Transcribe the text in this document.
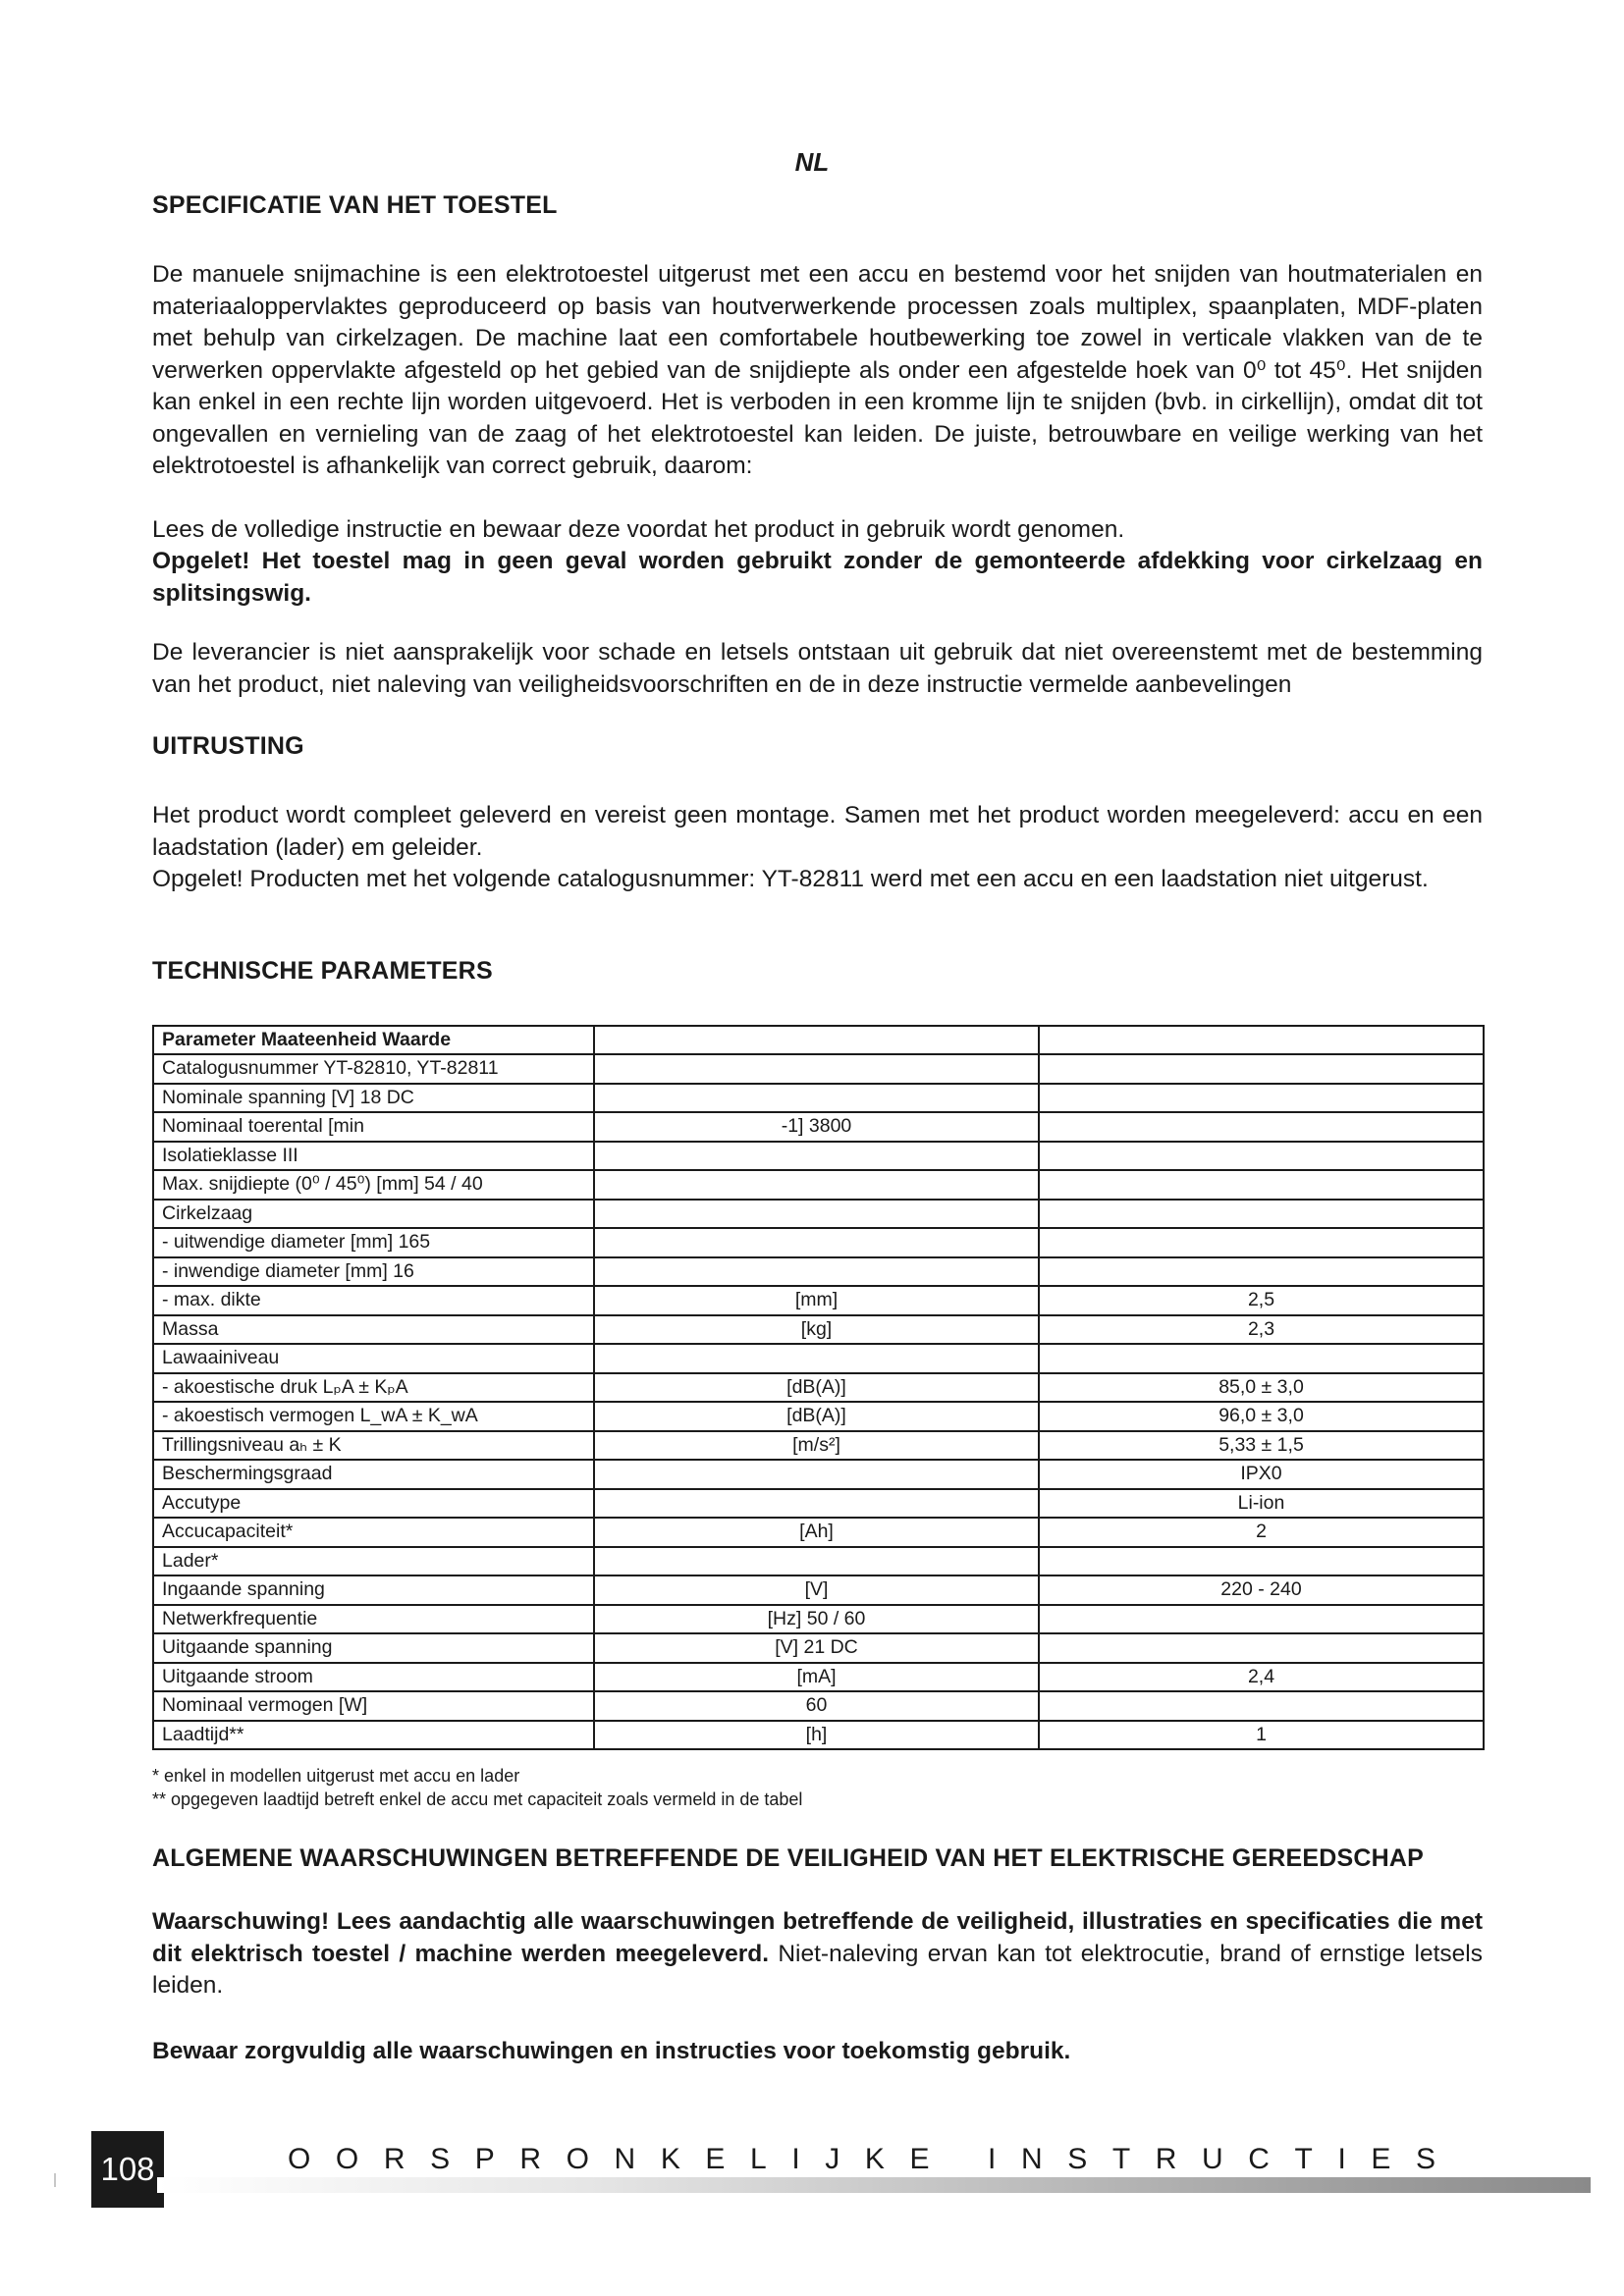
NL
SPECIFICATIE VAN HET TOESTEL

De manuele snijmachine is een elektrotoestel uitgerust met een accu en bestemd voor het snijden van houtmaterialen en materiaaloppervlaktes geproduceerd op basis van houtverwerkende processen zoals multiplex, spaanplaten, MDF-platen met behulp van cirkelzagen. De machine laat een comfortabele houtbewerking toe zowel in verticale vlakken van de te verwerken oppervlakte afgesteld op het gebied van de snijdiepte als onder een afgestelde hoek van 0⁰ tot 45⁰. Het snijden kan enkel in een rechte lijn worden uitgevoerd. Het is verboden in een kromme lijn te snijden (bvb. in cirkellijn), omdat dit tot ongevallen en vernieling van de zaag of het elektrotoestel kan leiden. De juiste, betrouwbare en veilige werking van het elektrotoestel is afhankelijk van correct gebruik, daarom:

Lees de volledige instructie en bewaar deze voordat het product in gebruik wordt genomen.

Opgelet! Het toestel mag in geen geval worden gebruikt zonder de gemonteerde afdekking voor cirkelzaag en splitsingswig.

De leverancier is niet aansprakelijk voor schade en letsels ontstaan uit gebruik dat niet overeenstemt met de bestemming van het product, niet naleving van veiligheidsvoorschriften en de in deze instructie vermelde aanbevelingen

UITRUSTING

Het product wordt compleet geleverd en vereist geen montage. Samen met het product worden meegeleverd: accu en een laadstation (lader) em geleider.

Opgelet! Producten met het volgende catalogusnummer: YT-82811 werd met een accu en een laadstation niet uitgerust.

TECHNISCHE PARAMETERS
Parameter Maateenheid Waarde		
Catalogusnummer YT-82810, YT-82811		
Nominale spanning [V] 18 DC		
Nominaal toerental [min	-1] 3800	
Isolatieklasse III		
Max. snijdiepte (0⁰ / 45⁰) [mm] 54 / 40		
Cirkelzaag		
- uitwendige diameter [mm] 165		
- inwendige diameter [mm] 16		
- max. dikte	[mm]	2,5
Massa	[kg]	2,3
Lawaainiveau		
- akoestische druk LₚA ± KₚA	[dB(A)]	85,0 ± 3,0
- akoestisch vermogen L_wA ± K_wA	[dB(A)]	96,0 ± 3,0
Trillingsniveau aₕ ± K	[m/s²]	5,33 ± 1,5
Beschermingsgraad		IPX0
Accutype		Li-ion
Accucapaciteit*	[Ah]	2
Lader*		
Ingaande spanning	[V]	220 - 240
Netwerkfrequentie	[Hz] 50 / 60	
Uitgaande spanning	[V] 21 DC	
Uitgaande stroom	[mA]	2,4
Nominaal vermogen [W]	60	
Laadtijd**	[h]	1
* enkel in modellen uitgerust met accu en lader
** opgegeven laadtijd betreft enkel de accu met capaciteit zoals vermeld in de tabel
ALGEMENE WAARSCHUWINGEN BETREFFENDE DE VEILIGHEID VAN HET ELEKTRISCHE GEREEDSCHAP

Waarschuwing! Lees aandachtig alle waarschuwingen betreffende de veiligheid, illustraties en specificaties die met dit elektrisch toestel / machine werden meegeleverd. Niet-naleving ervan kan tot elektrocutie, brand of ernstige letsels leiden.

Bewaar zorgvuldig alle waarschuwingen en instructies voor toekomstig gebruik.

108	OORSPRONKELIJKE INSTRUCTIES
